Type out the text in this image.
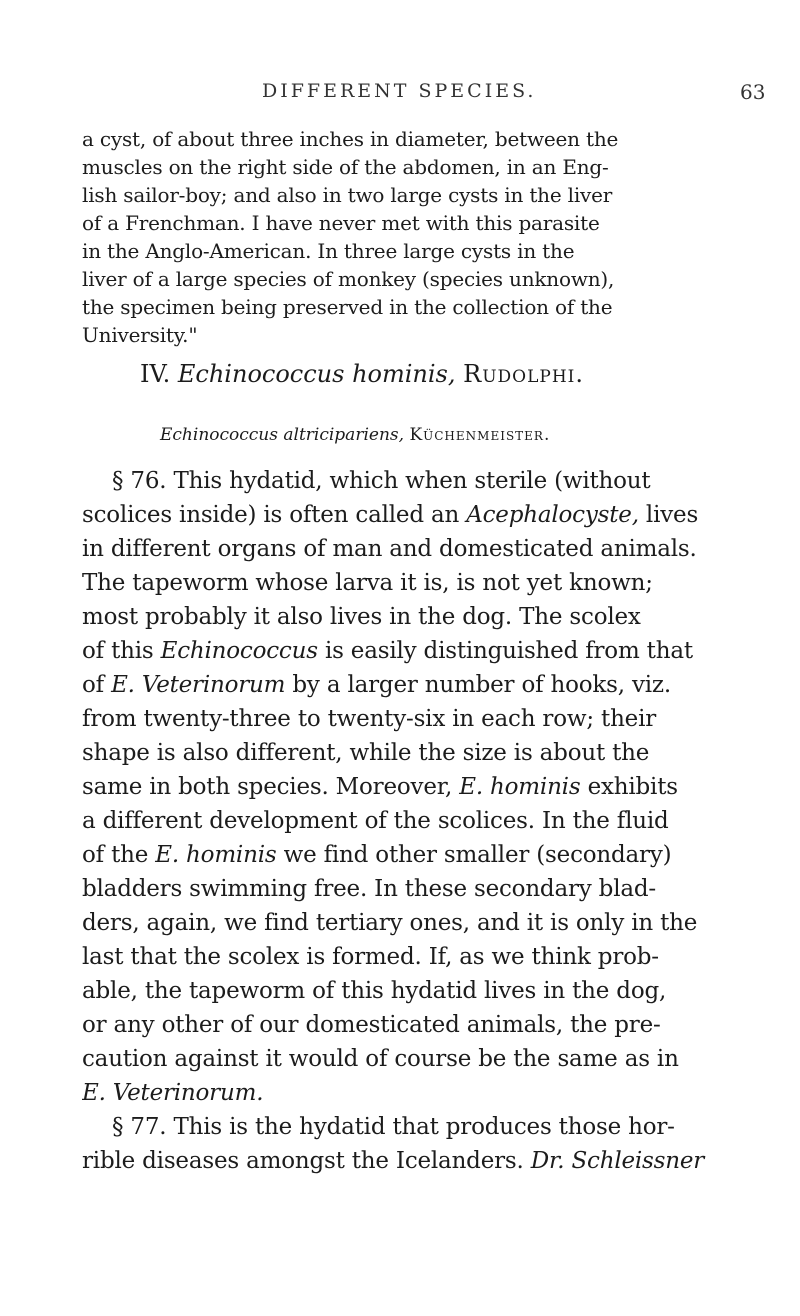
DIFFERENT SPECIES.	63
a cyst, of about three inches in diameter, between the
muscles on the right side of the abdomen, in an Eng-
lish sailor-boy; and also in two large cysts in the liver
of a Frenchman. I have never met with this parasite
in the Anglo-American. In three large cysts in the
liver of a large species of monkey (species unknown),
the specimen being preserved in the collection of the
University."
IV. Echinococcus hominis, Rudolphi.
Echinococcus altricipariens, Küchenmeister.
§ 76. This hydatid, which when sterile (without
scolices inside) is often called an Acephalocyste, lives
in different organs of man and domesticated animals.
The tapeworm whose larva it is, is not yet known;
most probably it also lives in the dog. The scolex
of this Echinococcus is easily distinguished from that
of E. Veterinorum by a larger number of hooks, viz.
from twenty-three to twenty-six in each row; their
shape is also different, while the size is about the
same in both species. Moreover, E. hominis exhibits
a different development of the scolices. In the fluid
of the E. hominis we find other smaller (secondary)
bladders swimming free. In these secondary blad-
ders, again, we find tertiary ones, and it is only in the
last that the scolex is formed. If, as we think prob-
able, the tapeworm of this hydatid lives in the dog,
or any other of our domesticated animals, the pre-
caution against it would of course be the same as in
E. Veterinorum.
§ 77. This is the hydatid that produces those hor-
rible diseases amongst the Icelanders. Dr. Schleissner
